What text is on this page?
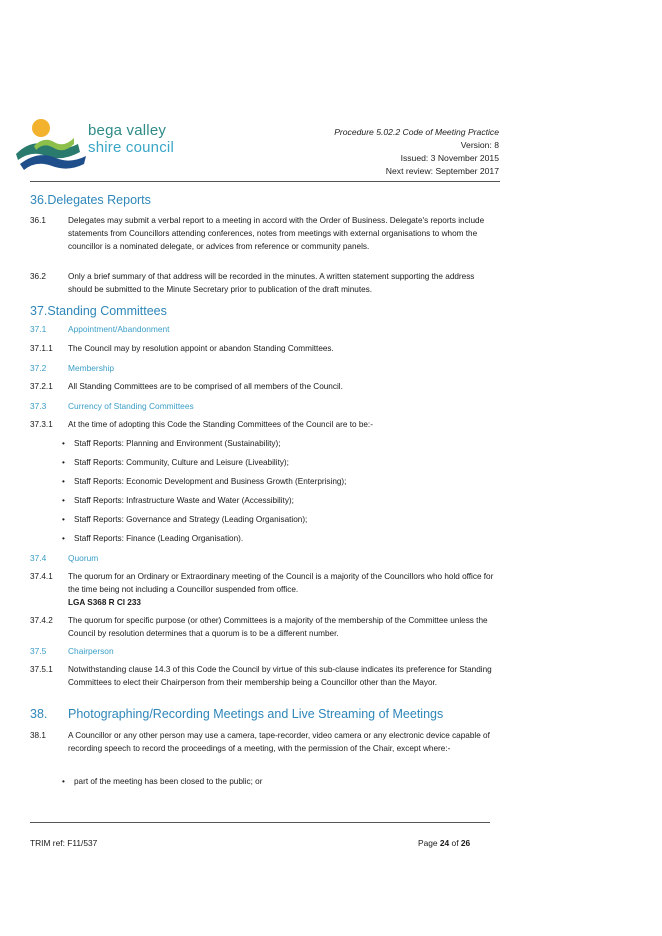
bega valley
shire council
Procedure 5.02.2 Code of Meeting Practice
Version: 8
Issued: 3 November 2015
Next review: September 2017
36.Delegates Reports
36.1	Delegates may submit a verbal report to a meeting in accord with the Order of Business. Delegate's reports include statements from Councillors attending conferences, notes from meetings with external organisations to whom the councillor is a nominated delegate, or advices from reference or community panels.
36.2	Only a brief summary of that address will be recorded in the minutes. A written statement supporting the address should be submitted to the Minute Secretary prior to publication of the draft minutes.
37.Standing Committees
37.1	Appointment/Abandonment
37.1.1	The Council may by resolution appoint or abandon Standing Committees.
37.2	Membership
37.2.1	All Standing Committees are to be comprised of all members of the Council.
37.3	Currency of Standing Committees
37.3.1	At the time of adopting this Code the Standing Committees of the Council are to be:-
• Staff Reports: Planning and Environment (Sustainability);
• Staff Reports: Community, Culture and Leisure (Liveability);
• Staff Reports: Economic Development and Business Growth (Enterprising);
• Staff Reports: Infrastructure Waste and Water (Accessibility);
• Staff Reports: Governance and Strategy (Leading Organisation);
• Staff Reports: Finance (Leading Organisation).
37.4	Quorum
37.4.1	The quorum for an Ordinary or Extraordinary meeting of the Council is a majority of the Councillors who hold office for the time being not including a Councillor suspended from office.
LGA S368 R Cl 233
37.4.2	The quorum for specific purpose (or other) Committees is a majority of the membership of the Committee unless the Council by resolution determines that a quorum is to be a different number.
37.5	Chairperson
37.5.1	Notwithstanding clause 14.3 of this Code the Council by virtue of this sub-clause indicates its preference for Standing Committees to elect their Chairperson from their membership being a Councillor other than the Mayor.
38. Photographing/Recording Meetings and Live Streaming of Meetings
38.1	A Councillor or any other person may use a camera, tape-recorder, video camera or any electronic device capable of recording speech to record the proceedings of a meeting, with the permission of the Chair, except where:-
• part of the meeting has been closed to the public; or
TRIM ref: F11/537	Page 24 of 26
